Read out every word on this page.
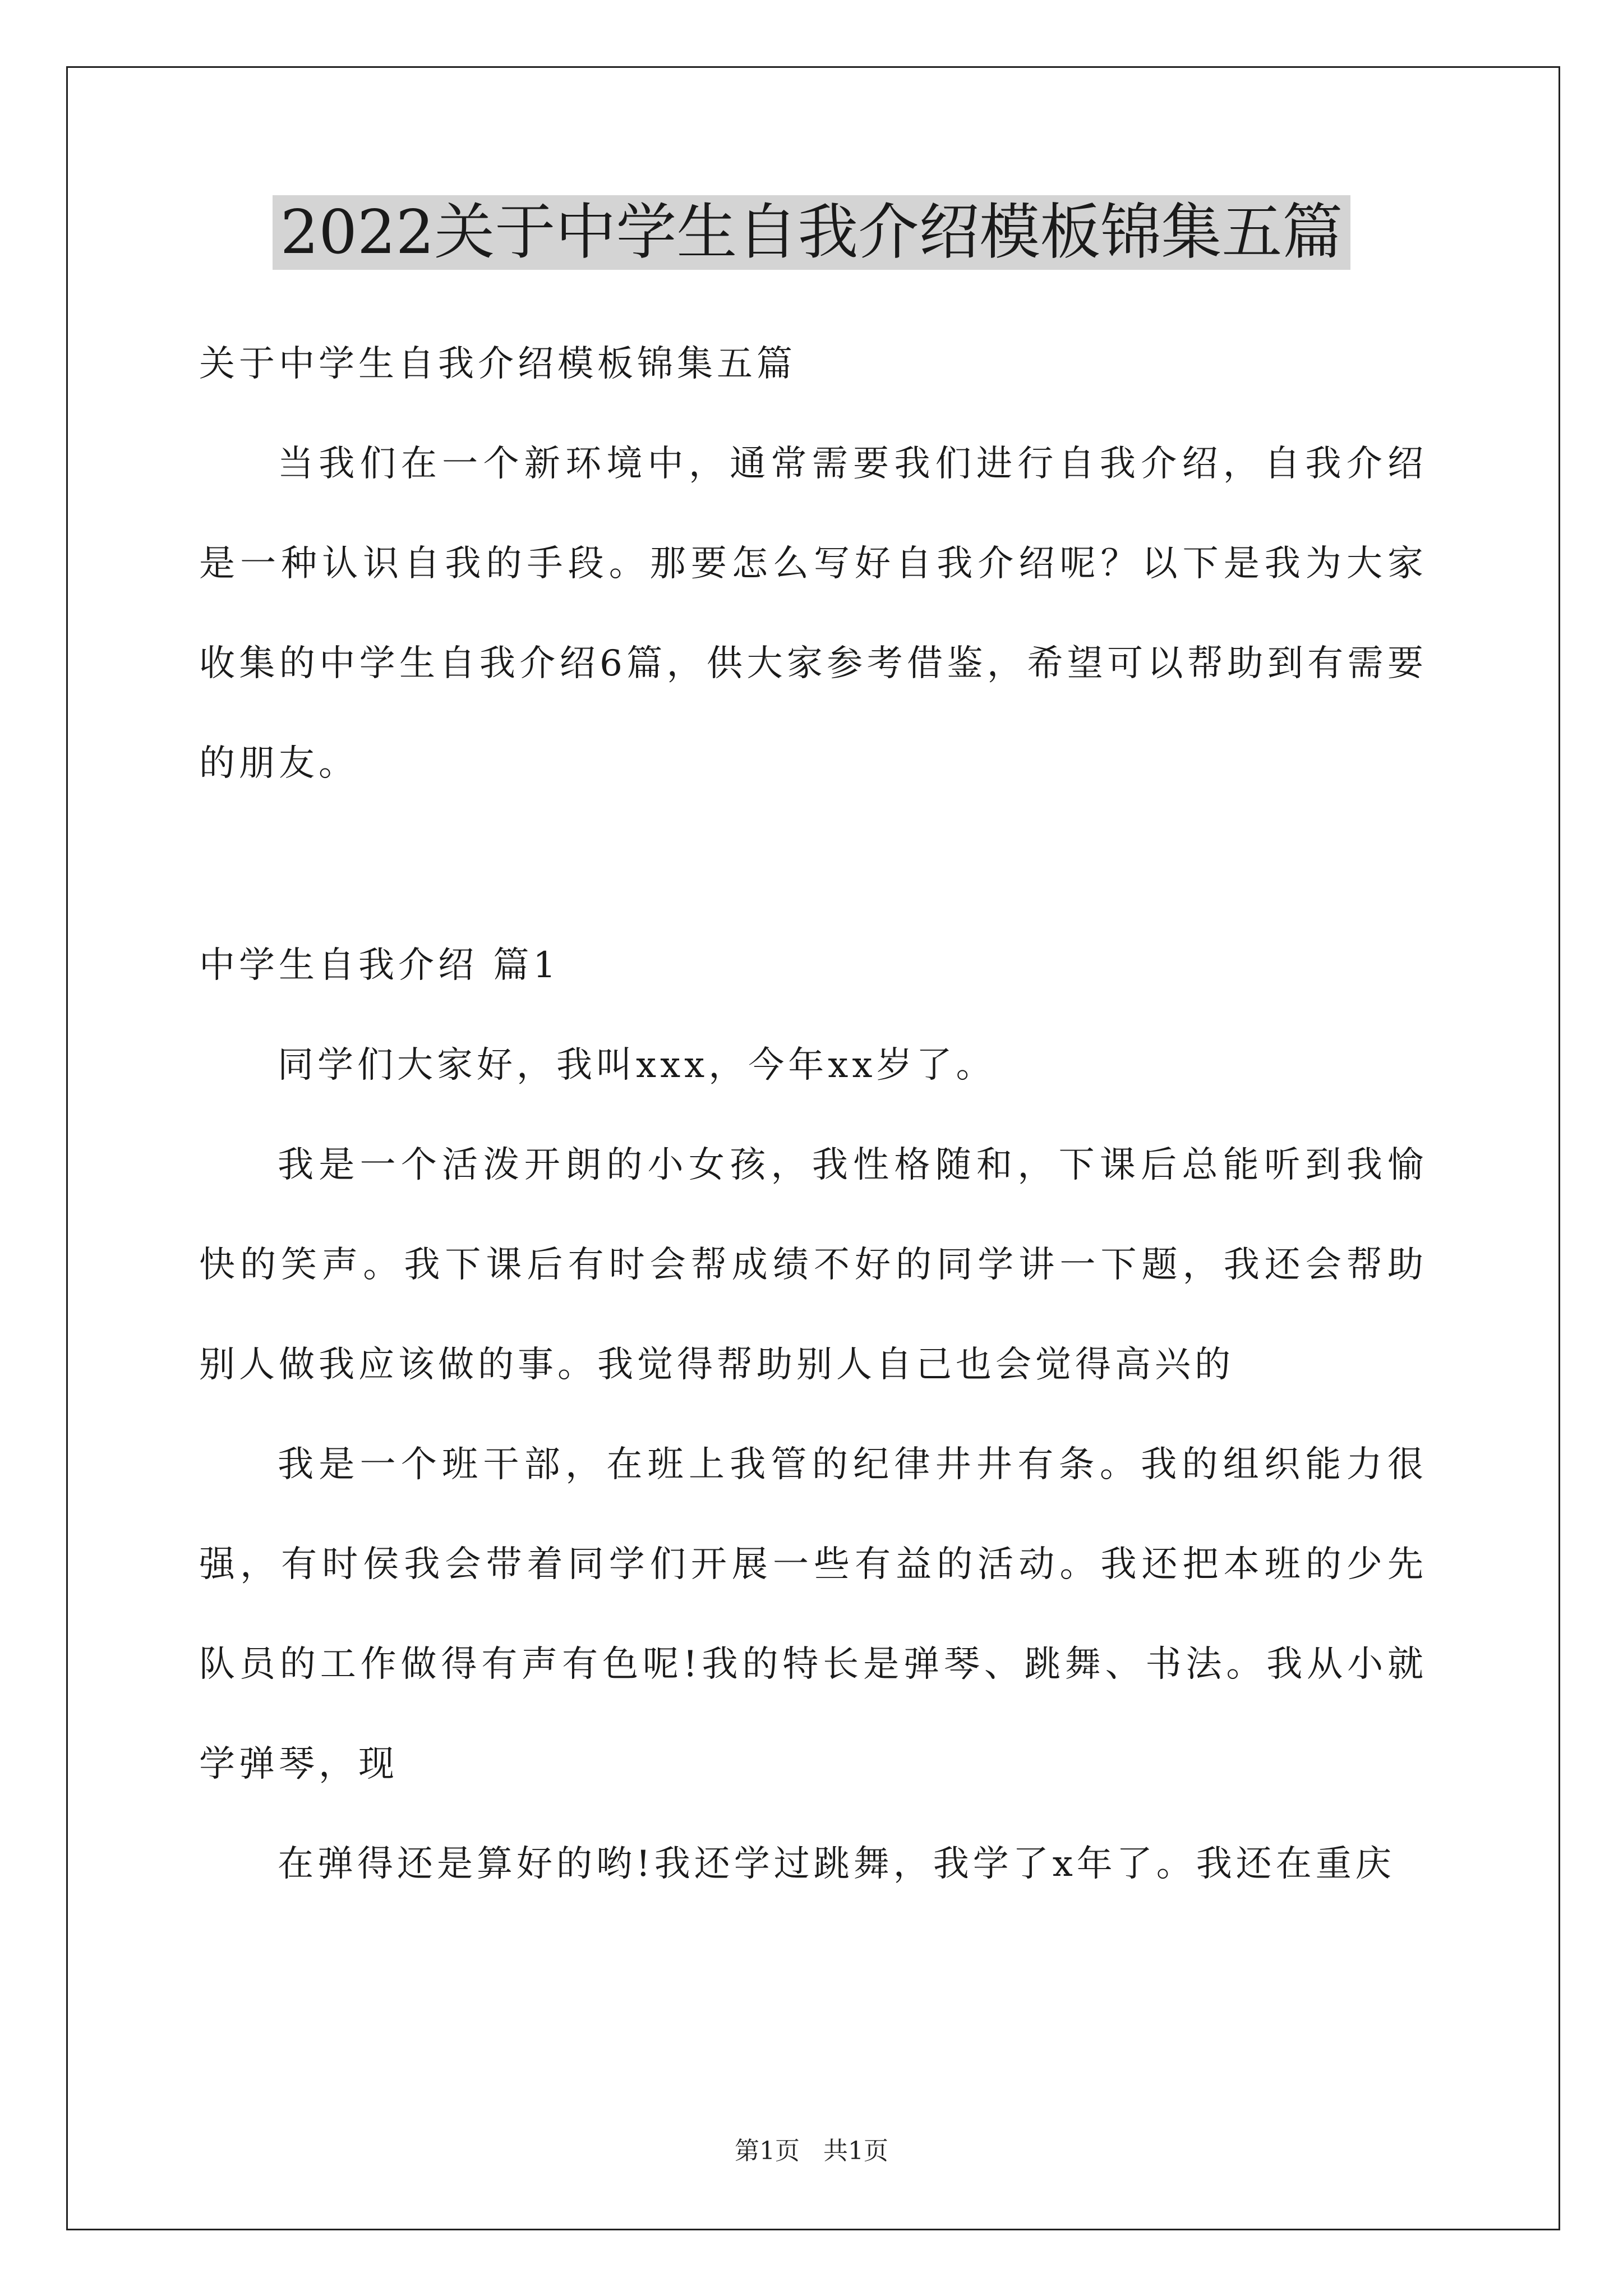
2022关于中学生自我介绍模板锦集五篇

关于中学生自我介绍模板锦集五篇

当我们在一个新环境中，通常需要我们进行自我介绍，自我介绍是一种认识自我的手段。那要怎么写好自我介绍呢？以下是我为大家收集的中学生自我介绍6篇，供大家参考借鉴，希望可以帮助到有需要的朋友。

中学生自我介绍 篇1

同学们大家好，我叫xxx，今年xx岁了。

我是一个活泼开朗的小女孩，我性格随和，下课后总能听到我愉快的笑声。我下课后有时会帮成绩不好的同学讲一下题，我还会帮助别人做我应该做的事。我觉得帮助别人自己也会觉得高兴的

我是一个班干部，在班上我管的纪律井井有条。我的组织能力很强，有时侯我会带着同学们开展一些有益的活动。我还把本班的少先队员的工作做得有声有色呢!我的特长是弹琴、跳舞、书法。我从小就学弹琴，现

在弹得还是算好的哟!我还学过跳舞，我学了x年了。我还在重庆

第1页   共1页
